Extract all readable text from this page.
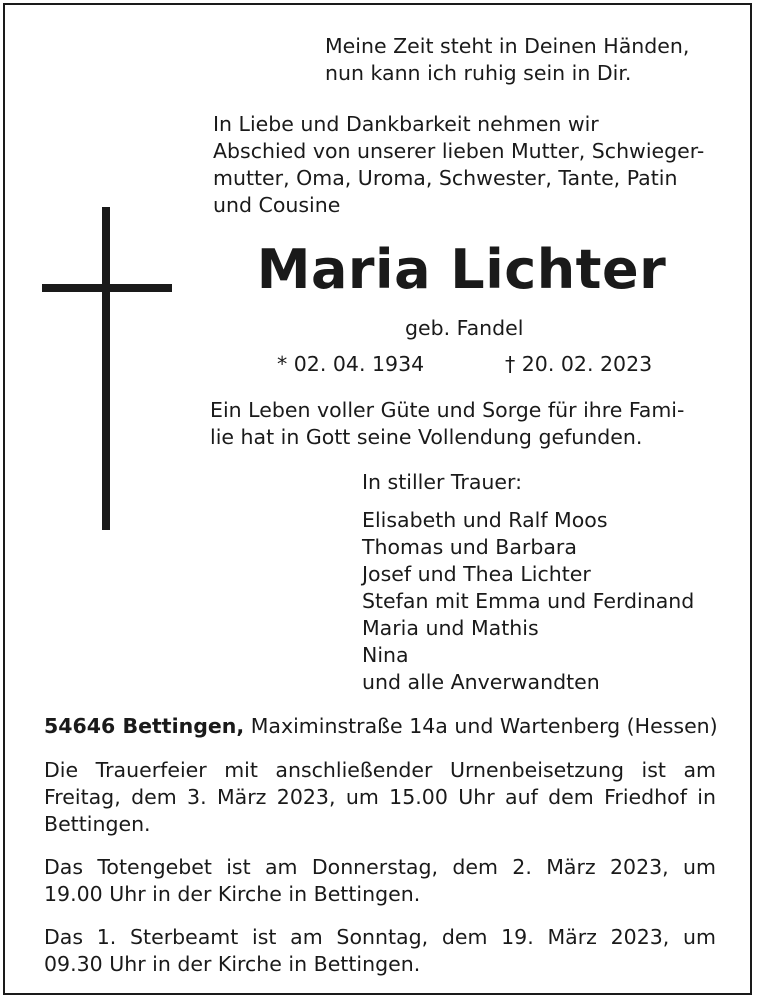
Meine Zeit steht in Deinen Händen,
nun kann ich ruhig sein in Dir.
In Liebe und Dankbarkeit nehmen wir
Abschied von unserer lieben Mutter, Schwieger-
mutter, Oma, Uroma, Schwester, Tante, Patin
und Cousine
Maria Lichter
geb. Fandel
* 02. 04. 1934	† 20. 02. 2023
Ein Leben voller Güte und Sorge für ihre Fami-
lie hat in Gott seine Vollendung gefunden.
In stiller Trauer:
Elisabeth und Ralf Moos
Thomas und Barbara
Josef und Thea Lichter
Stefan mit Emma und Ferdinand
Maria und Mathis
Nina
und alle Anverwandten
54646 Bettingen, Maximinstraße 14a und Wartenberg (Hessen)
Die Trauerfeier mit anschließender Urnenbeisetzung ist am
Freitag, dem 3. März 2023, um 15.00 Uhr auf dem Friedhof in
Bettingen.
Das Totengebet ist am Donnerstag, dem 2. März 2023, um
19.00 Uhr in der Kirche in Bettingen.
Das 1. Sterbeamt ist am Sonntag, dem 19. März 2023, um
09.30 Uhr in der Kirche in Bettingen.
